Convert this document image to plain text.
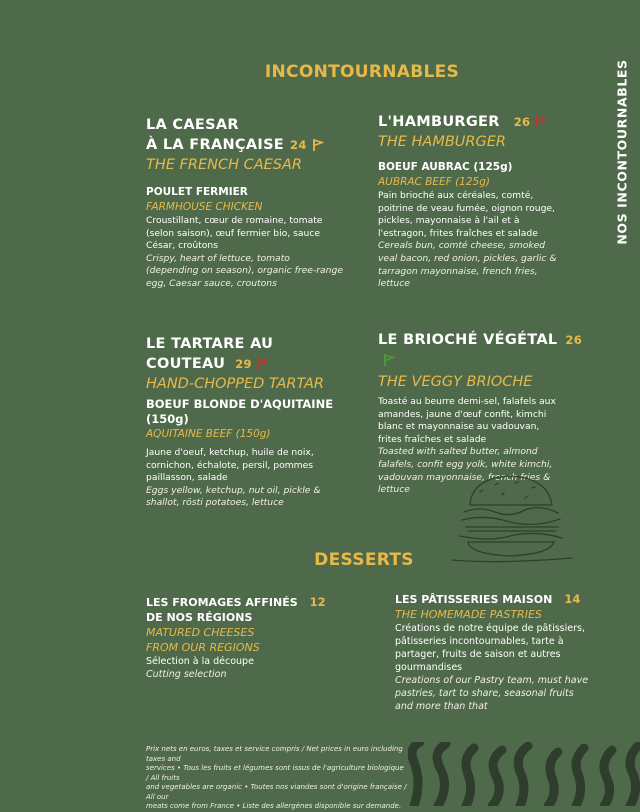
INCONTOURNABLES	NOS INCONTOURNABLES
LA CAESAR
À LA FRANÇAISE 24
THE FRENCH CAESAR
POULET FERMIER
FARMHOUSE CHICKEN
Croustillant, cœur de romaine, tomate
(selon saison), œuf fermier bio, sauce
César, croûtons
Crispy, heart of lettuce, tomato
(depending on season), organic free-range
egg, Caesar sauce, croutons
L'HAMBURGER 26
THE HAMBURGER
BOEUF AUBRAC (125g)
AUBRAC BEEF (125g)
Pain brioché aux céréales, comté,
poitrine de veau fumée, oignon rouge,
pickles, mayonnaise à l'ail et à
l'estragon, frites fraîches et salade
Cereals bun, comté cheese, smoked
veal bacon, red onion, pickles, garlic &
tarragon mayonnaise, french fries,
lettuce
LE TARTARE AU
COUTEAU 29
HAND-CHOPPED TARTAR
BOEUF BLONDE D'AQUITAINE (150g)
AQUITAINE BEEF (150g)
Jaune d'oeuf, ketchup, huile de noix,
cornichon, échalote, persil, pommes
paillasson, salade
Eggs yellow, ketchup, nut oil, pickle &
shallot, rösti potatoes, lettuce
LE BRIOCHÉ VÉGÉTAL 26
THE VEGGY BRIOCHE
Toasté au beurre demi-sel, falafels aux
amandes, jaune d'œuf confit, kimchi
blanc et mayonnaise au vadouvan,
frites fraîches et salade
Toasted with salted butter, almond
falafels, confit egg yolk, white kimchi,
vadouvan mayonnaise, french fries &
lettuce
DESSERTS
LES FROMAGES AFFINÉS 12
DE NOS RÉGIONS
MATURED CHEESES
FROM OUR REGIONS
Sélection à la découpe
Cutting selection
LES PÂTISSERIES MAISON 14
THE HOMEMADE PASTRIES
Créations de notre équipe de pâtissiers,
pâtisseries incontournables, tarte à
partager, fruits de saison et autres
gourmandises
Creations of our Pastry team, must have
pastries, tart to share, seasonal fruits
and more than that
Prix nets en euros, taxes et service compris / Net prices in euro including taxes and
services • Tous les fruits et légumes sont issus de l'agriculture biologique / All fruits
and vegetables are organic • Toutes nos viandes sont d'origine française / All our
meats come from France • Liste des allergènes disponible sur demande.
